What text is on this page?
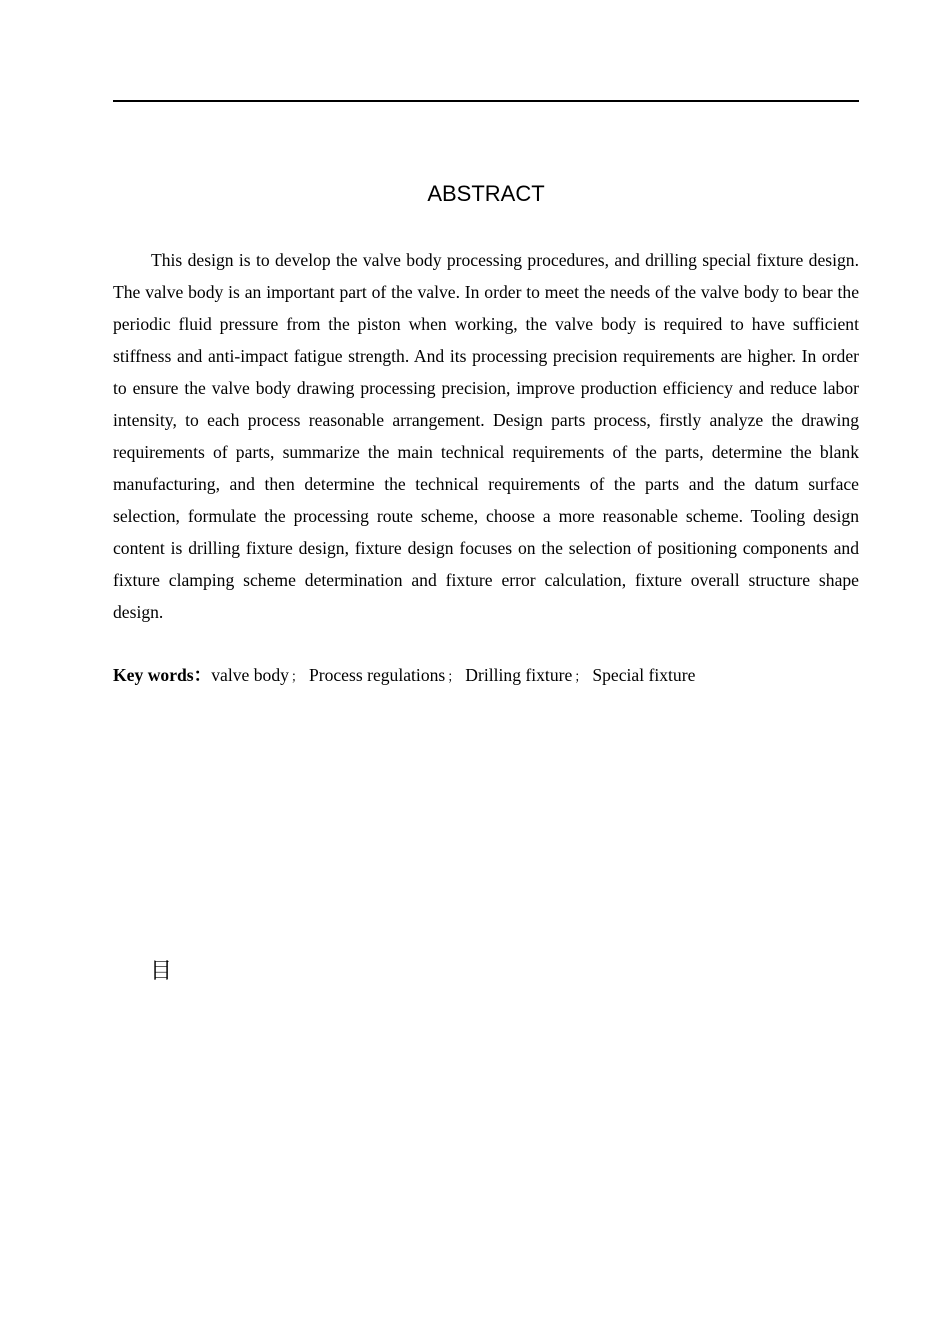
ABSTRACT

This design is to develop the valve body processing procedures, and drilling special fixture design. The valve body is an important part of the valve. In order to meet the needs of the valve body to bear the periodic fluid pressure from the piston when working, the valve body is required to have sufficient stiffness and anti-impact fatigue strength. And its processing precision requirements are higher. In order to ensure the valve body drawing processing precision, improve production efficiency and reduce labor intensity, to each process reasonable arrangement. Design parts process, firstly analyze the drawing requirements of parts, summarize the main technical requirements of the parts, determine the blank manufacturing, and then determine the technical requirements of the parts and the datum surface selection, formulate the processing route scheme, choose a more reasonable scheme. Tooling design content is drilling fixture design, fixture design focuses on the selection of positioning components and fixture clamping scheme determination and fixture error calculation, fixture overall structure shape design.

Key words：valve body ； Process regulations ； Drilling fixture ； Special fixture

目
